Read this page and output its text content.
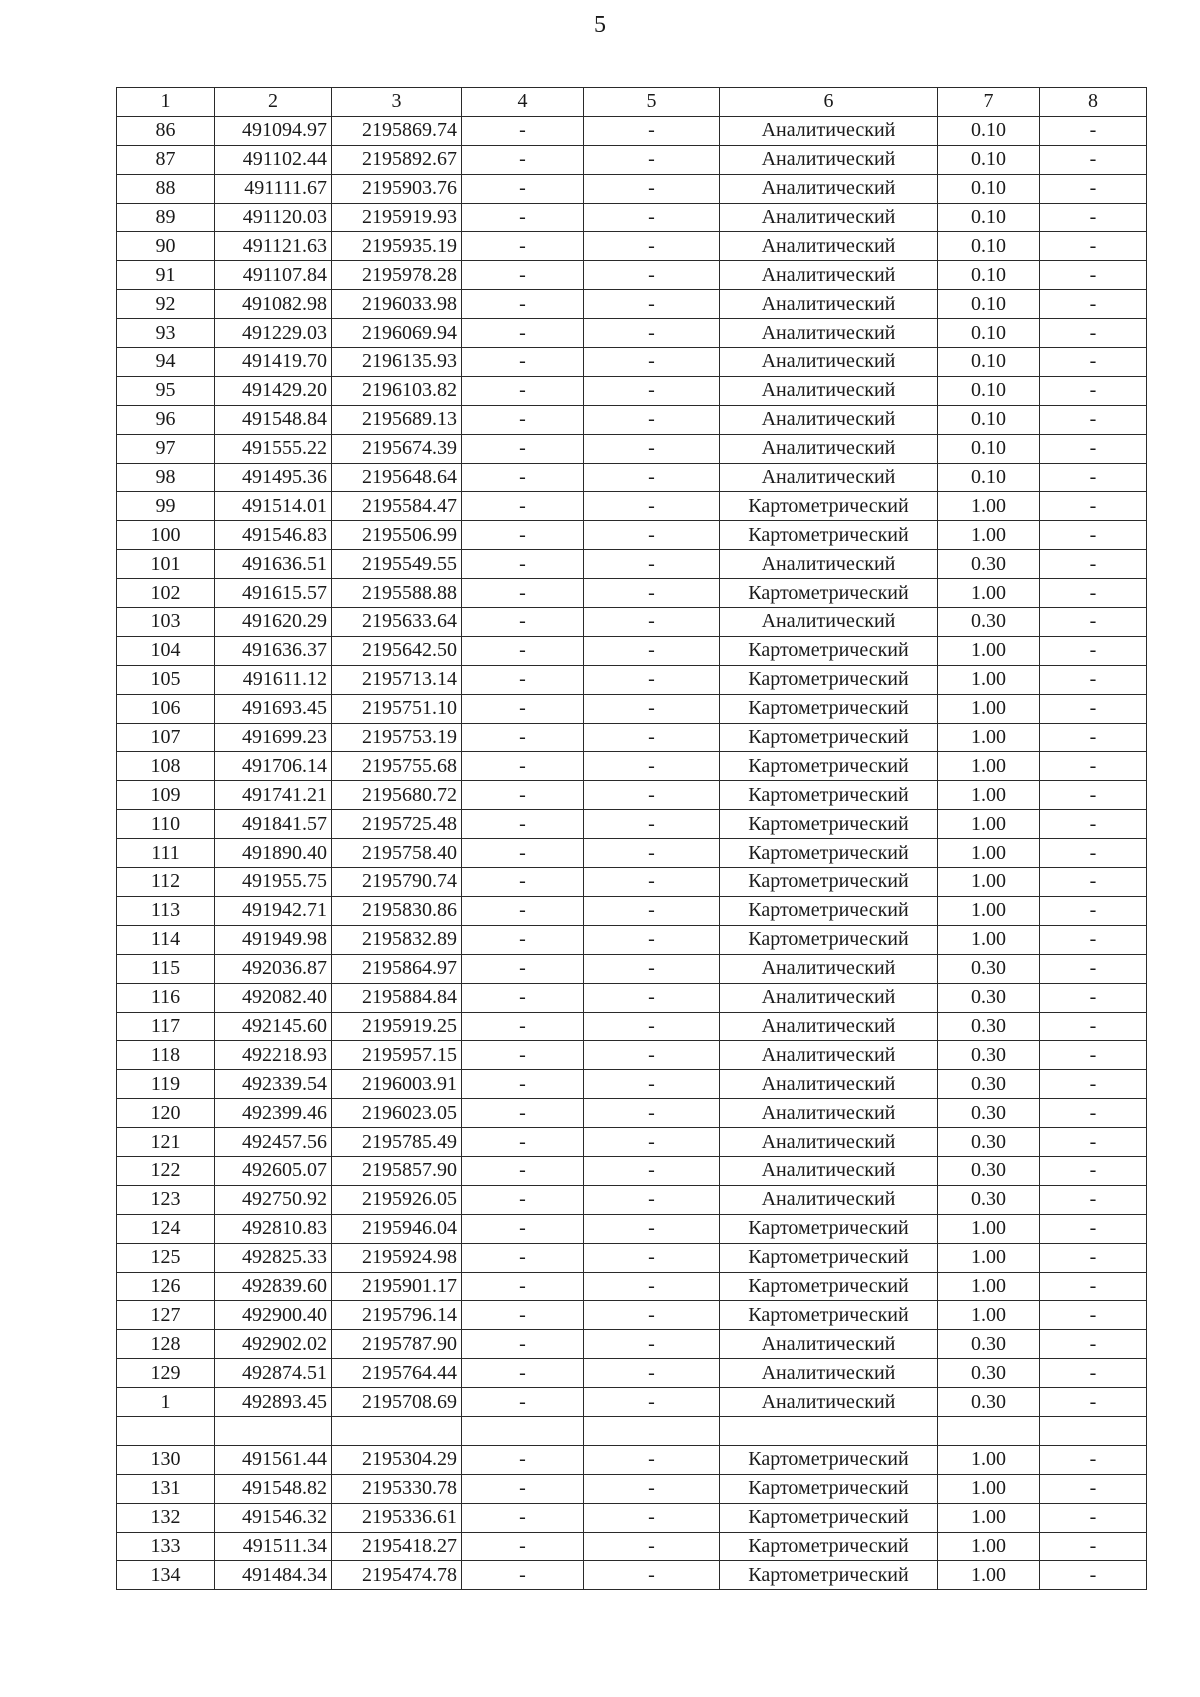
5
1	2	3	4	5	6	7	8
86	491094.97	2195869.74	-	-	Аналитический	0.10	-
87	491102.44	2195892.67	-	-	Аналитический	0.10	-
88	491111.67	2195903.76	-	-	Аналитический	0.10	-
89	491120.03	2195919.93	-	-	Аналитический	0.10	-
90	491121.63	2195935.19	-	-	Аналитический	0.10	-
91	491107.84	2195978.28	-	-	Аналитический	0.10	-
92	491082.98	2196033.98	-	-	Аналитический	0.10	-
93	491229.03	2196069.94	-	-	Аналитический	0.10	-
94	491419.70	2196135.93	-	-	Аналитический	0.10	-
95	491429.20	2196103.82	-	-	Аналитический	0.10	-
96	491548.84	2195689.13	-	-	Аналитический	0.10	-
97	491555.22	2195674.39	-	-	Аналитический	0.10	-
98	491495.36	2195648.64	-	-	Аналитический	0.10	-
99	491514.01	2195584.47	-	-	Картометрический	1.00	-
100	491546.83	2195506.99	-	-	Картометрический	1.00	-
101	491636.51	2195549.55	-	-	Аналитический	0.30	-
102	491615.57	2195588.88	-	-	Картометрический	1.00	-
103	491620.29	2195633.64	-	-	Аналитический	0.30	-
104	491636.37	2195642.50	-	-	Картометрический	1.00	-
105	491611.12	2195713.14	-	-	Картометрический	1.00	-
106	491693.45	2195751.10	-	-	Картометрический	1.00	-
107	491699.23	2195753.19	-	-	Картометрический	1.00	-
108	491706.14	2195755.68	-	-	Картометрический	1.00	-
109	491741.21	2195680.72	-	-	Картометрический	1.00	-
110	491841.57	2195725.48	-	-	Картометрический	1.00	-
111	491890.40	2195758.40	-	-	Картометрический	1.00	-
112	491955.75	2195790.74	-	-	Картометрический	1.00	-
113	491942.71	2195830.86	-	-	Картометрический	1.00	-
114	491949.98	2195832.89	-	-	Картометрический	1.00	-
115	492036.87	2195864.97	-	-	Аналитический	0.30	-
116	492082.40	2195884.84	-	-	Аналитический	0.30	-
117	492145.60	2195919.25	-	-	Аналитический	0.30	-
118	492218.93	2195957.15	-	-	Аналитический	0.30	-
119	492339.54	2196003.91	-	-	Аналитический	0.30	-
120	492399.46	2196023.05	-	-	Аналитический	0.30	-
121	492457.56	2195785.49	-	-	Аналитический	0.30	-
122	492605.07	2195857.90	-	-	Аналитический	0.30	-
123	492750.92	2195926.05	-	-	Аналитический	0.30	-
124	492810.83	2195946.04	-	-	Картометрический	1.00	-
125	492825.33	2195924.98	-	-	Картометрический	1.00	-
126	492839.60	2195901.17	-	-	Картометрический	1.00	-
127	492900.40	2195796.14	-	-	Картометрический	1.00	-
128	492902.02	2195787.90	-	-	Аналитический	0.30	-
129	492874.51	2195764.44	-	-	Аналитический	0.30	-
1	492893.45	2195708.69	-	-	Аналитический	0.30	-

130	491561.44	2195304.29	-	-	Картометрический	1.00	-
131	491548.82	2195330.78	-	-	Картометрический	1.00	-
132	491546.32	2195336.61	-	-	Картометрический	1.00	-
133	491511.34	2195418.27	-	-	Картометрический	1.00	-
134	491484.34	2195474.78	-	-	Картометрический	1.00	-
